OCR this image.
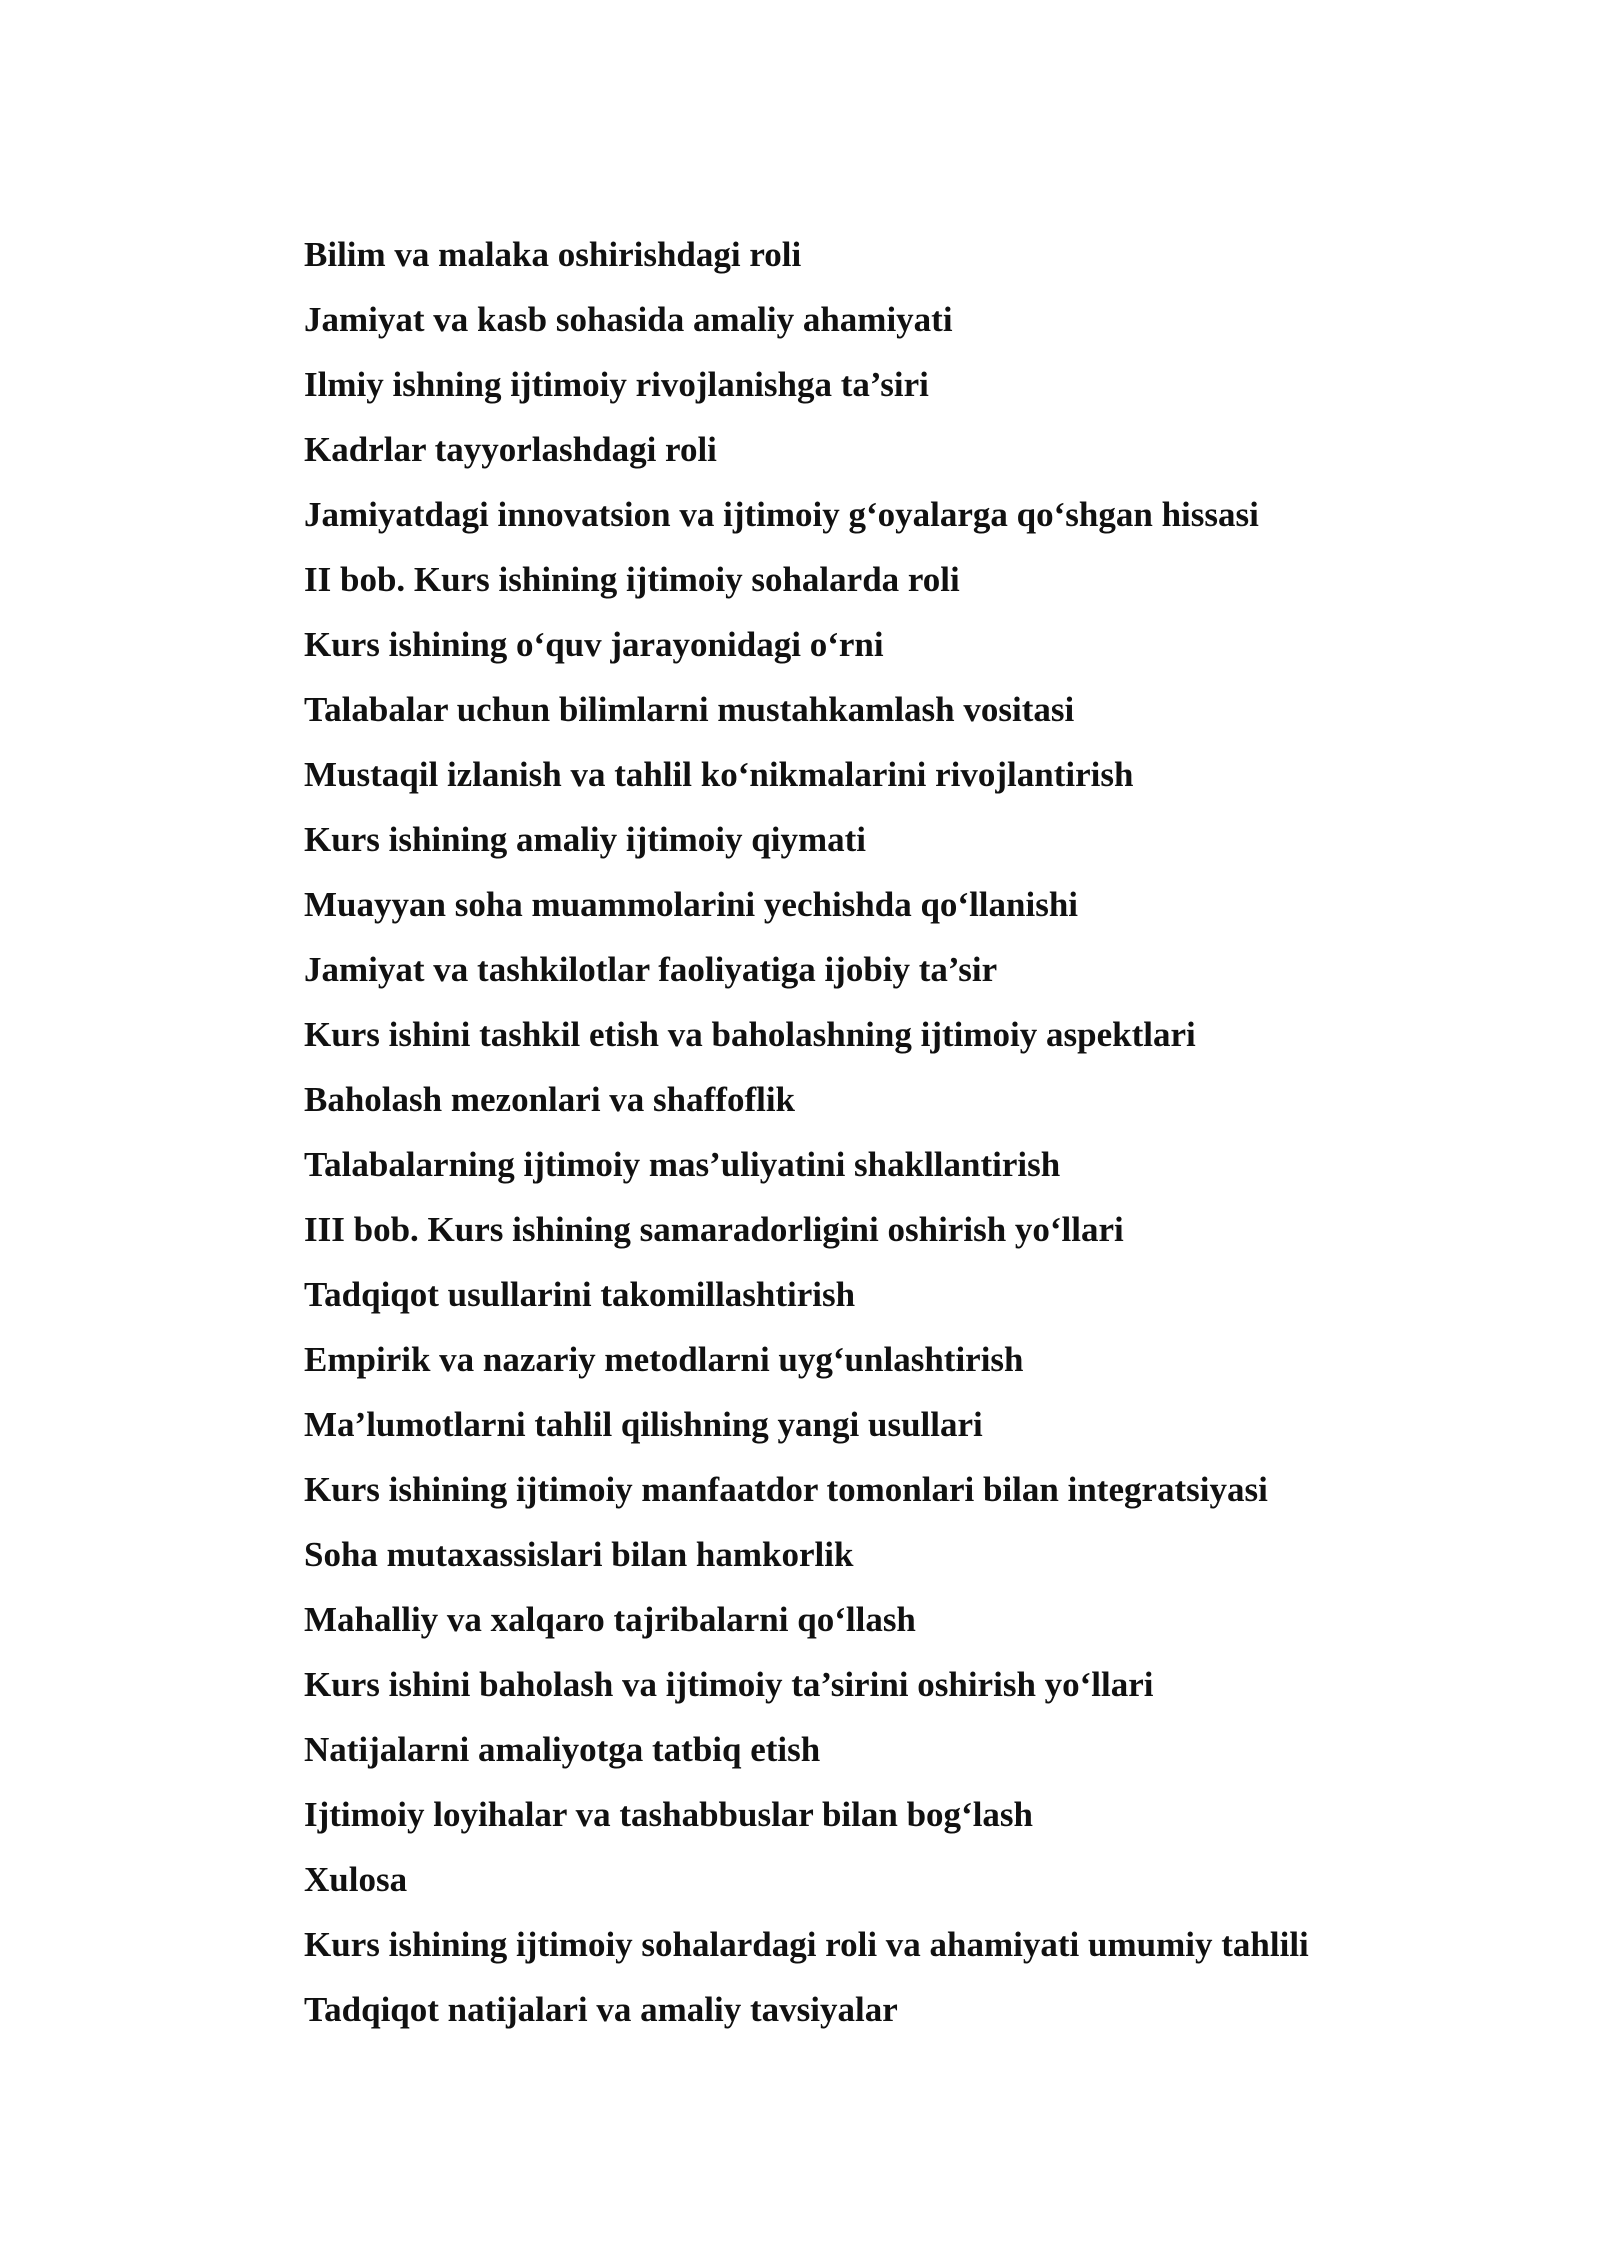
Bilim va malaka oshirishdagi roli

Jamiyat va kasb sohasida amaliy ahamiyati

Ilmiy ishning ijtimoiy rivojlanishga ta’siri

Kadrlar tayyorlashdagi roli

Jamiyatdagi innovatsion va ijtimoiy g‘oyalarga qo‘shgan hissasi

II bob. Kurs ishining ijtimoiy sohalarda roli

Kurs ishining o‘quv jarayonidagi o‘rni

Talabalar uchun bilimlarni mustahkamlash vositasi

Mustaqil izlanish va tahlil ko‘nikmalarini rivojlantirish

Kurs ishining amaliy ijtimoiy qiymati

Muayyan soha muammolarini yechishda qo‘llanishi

Jamiyat va tashkilotlar faoliyatiga ijobiy ta’sir

Kurs ishini tashkil etish va baholashning ijtimoiy aspektlari

Baholash mezonlari va shaffoflik

Talabalarning ijtimoiy mas’uliyatini shakllantirish

III bob. Kurs ishining samaradorligini oshirish yo‘llari

Tadqiqot usullarini takomillashtirish

Empirik va nazariy metodlarni uyg‘unlashtirish

Ma’lumotlarni tahlil qilishning yangi usullari

Kurs ishining ijtimoiy manfaatdor tomonlari bilan integratsiyasi

Soha mutaxassislari bilan hamkorlik

Mahalliy va xalqaro tajribalarni qo‘llash

Kurs ishini baholash va ijtimoiy ta’sirini oshirish yo‘llari

Natijalarni amaliyotga tatbiq etish

Ijtimoiy loyihalar va tashabbuslar bilan bog‘lash

Xulosa

Kurs ishining ijtimoiy sohalardagi roli va ahamiyati umumiy tahlili

Tadqiqot natijalari va amaliy tavsiyalar
